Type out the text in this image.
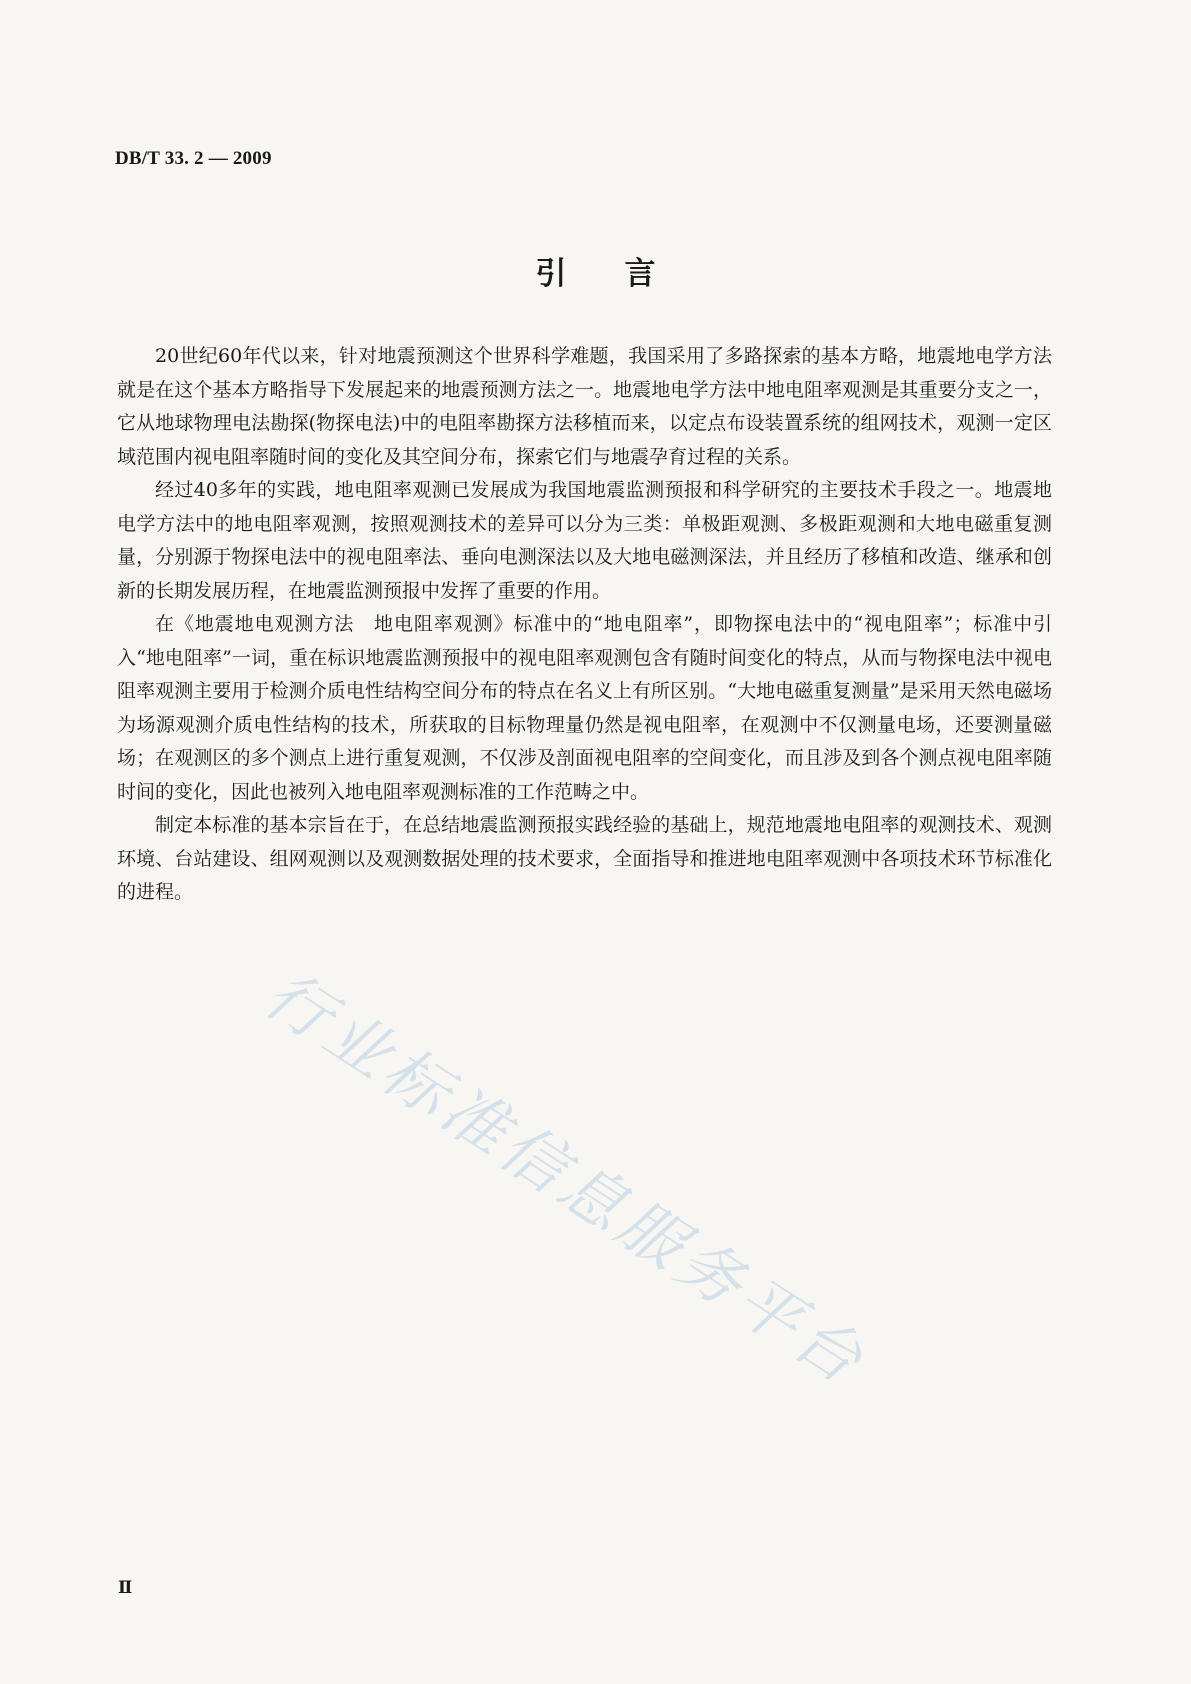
DB/T 33. 2 — 2009
引言

20世纪60年代以来，针对地震预测这个世界科学难题，我国采用了多路探索的基本方略，地震地电学方法就是在这个基本方略指导下发展起来的地震预测方法之一。地震地电学方法中地电阻率观测是其重要分支之一，它从地球物理电法勘探(物探电法)中的电阻率勘探方法移植而来，以定点布设装置系统的组网技术，观测一定区域范围内视电阻率随时间的变化及其空间分布，探索它们与地震孕育过程的关系。

经过40多年的实践，地电阻率观测已发展成为我国地震监测预报和科学研究的主要技术手段之一。地震地电学方法中的地电阻率观测，按照观测技术的差异可以分为三类：单极距观测、多极距观测和大地电磁重复测量，分别源于物探电法中的视电阻率法、垂向电测深法以及大地电磁测深法，并且经历了移植和改造、继承和创新的长期发展历程，在地震监测预报中发挥了重要的作用。

在《地震地电观测方法　地电阻率观测》标准中的“地电阻率”，即物探电法中的“视电阻率”；标准中引入“地电阻率”一词，重在标识地震监测预报中的视电阻率观测包含有随时间变化的特点，从而与物探电法中视电阻率观测主要用于检测介质电性结构空间分布的特点在名义上有所区别。“大地电磁重复测量”是采用天然电磁场为场源观测介质电性结构的技术，所获取的目标物理量仍然是视电阻率，在观测中不仅测量电场，还要测量磁场；在观测区的多个测点上进行重复观测，不仅涉及剖面视电阻率的空间变化，而且涉及到各个测点视电阻率随时间的变化，因此也被列入地电阻率观测标准的工作范畴之中。

制定本标准的基本宗旨在于，在总结地震监测预报实践经验的基础上，规范地震地电阻率的观测技术、观测环境、台站建设、组网观测以及观测数据处理的技术要求，全面指导和推进地电阻率观测中各项技术环节标准化的进程。

行业标准信息服务平台
Ⅱ
